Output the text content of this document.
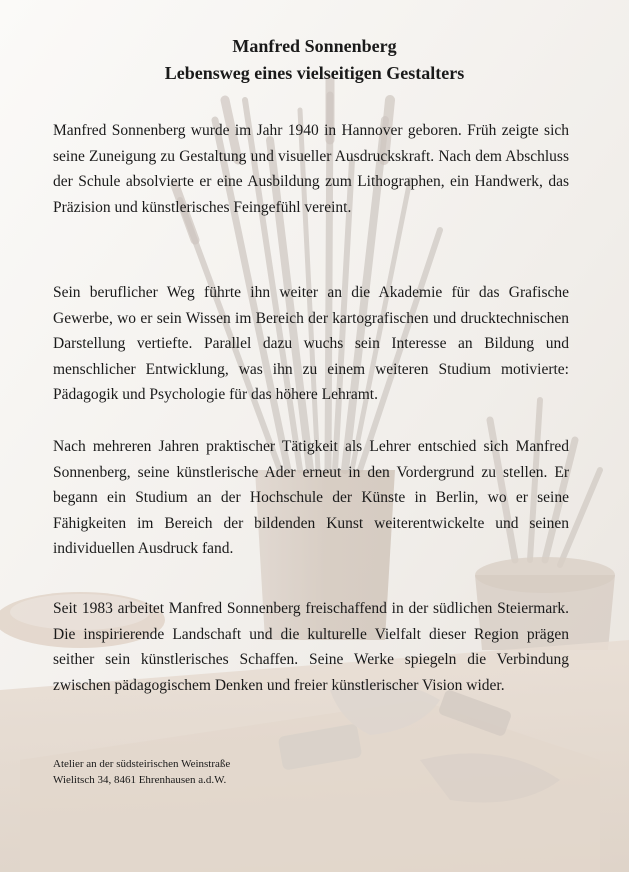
Manfred Sonnenberg
Lebensweg eines vielseitigen Gestalters

Manfred Sonnenberg wurde im Jahr 1940 in Hannover geboren. Früh zeigte sich seine Zuneigung zu Gestaltung und visueller Ausdruckskraft. Nach dem Abschluss der Schule absolvierte er eine Ausbildung zum Lithographen, ein Handwerk, das Präzision und künstlerisches Feingefühl vereint.

Sein beruflicher Weg führte ihn weiter an die Akademie für das Grafische Gewerbe, wo er sein Wissen im Bereich der kartografischen und drucktechnischen Darstellung vertiefte. Parallel dazu wuchs sein Interesse an Bildung und menschlicher Entwicklung, was ihn zu einem weiteren Studium motivierte: Pädagogik und Psychologie für das höhere Lehramt.

Nach mehreren Jahren praktischer Tätigkeit als Lehrer entschied sich Manfred Sonnenberg, seine künstlerische Ader erneut in den Vordergrund zu stellen. Er begann ein Studium an der Hochschule der Künste in Berlin, wo er seine Fähigkeiten im Bereich der bildenden Kunst weiterentwickelte und seinen individuellen Ausdruck fand.

Seit 1983 arbeitet Manfred Sonnenberg freischaffend in der südlichen Steiermark. Die inspirierende Landschaft und die kulturelle Vielfalt dieser Region prägen seither sein künstlerisches Schaffen. Seine Werke spiegeln die Verbindung zwischen pädagogischem Denken und freier künstlerischer Vision wider.

Atelier an der südsteirischen Weinstraße
Wielitsch 34, 8461 Ehrenhausen a.d.W.
